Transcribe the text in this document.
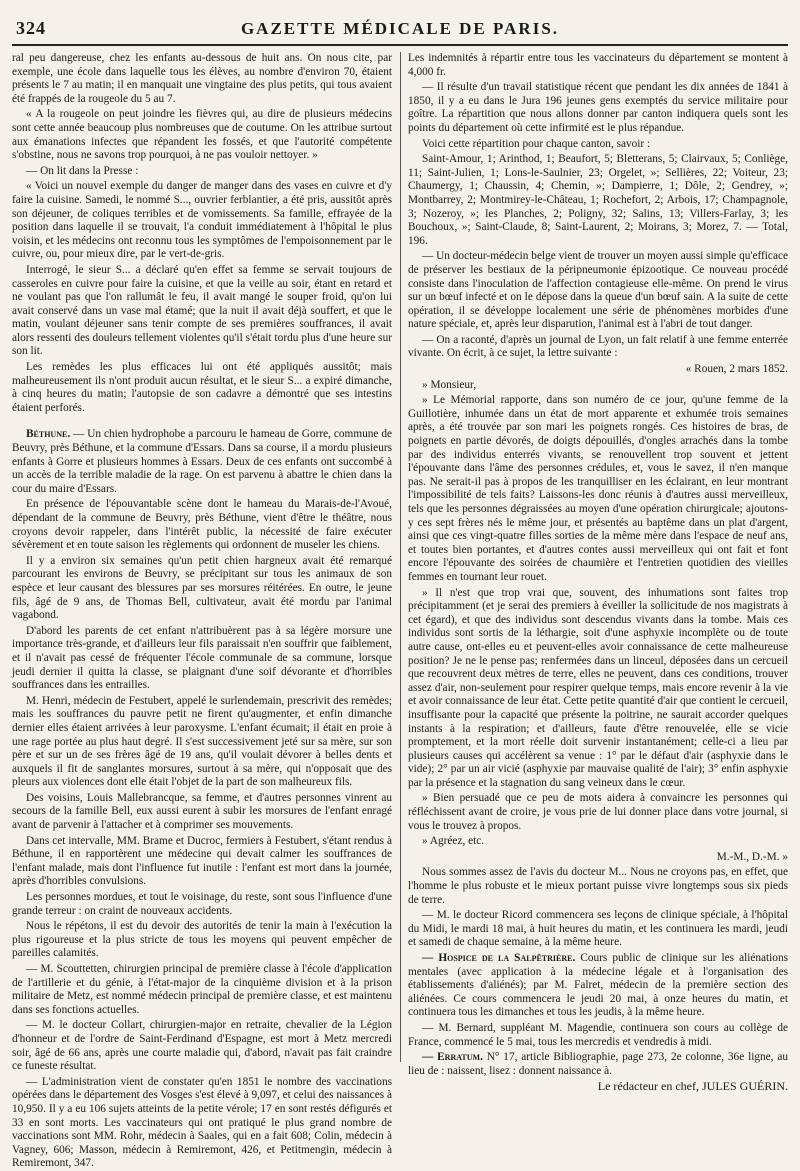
324	GAZETTE MÉDICALE DE PARIS.

ral peu dangereuse, chez les enfants au-dessous de huit ans. On nous cite, par exemple, une école dans laquelle tous les élèves, au nombre d'environ 70, étaient présents le 7 au matin; il en manquait une vingtaine des plus petits, qui tous avaient été frappés de la rougeole du 5 au 7.

« A la rougeole on peut joindre les fièvres qui, au dire de plusieurs médecins sont cette année beaucoup plus nombreuses que de coutume. On les attribue surtout aux émanations infectes que répandent les fossés, et que l'autorité compétente s'obstine, nous ne savons trop pourquoi, à ne pas vouloir nettoyer. »

— On lit dans la Presse :

« Voici un nouvel exemple du danger de manger dans des vases en cuivre et d'y faire la cuisine. Samedi, le nommé S..., ouvrier ferblantier, a été pris, aussitôt après son déjeuner, de coliques terribles et de vomissements. Sa famille, effrayée de la position dans laquelle il se trouvait, l'a conduit immédiatement à l'hôpital le plus voisin, et les médecins ont reconnu tous les symptômes de l'empoisonnement par le cuivre, ou, pour mieux dire, par le vert-de-gris.

Interrogé, le sieur S... a déclaré qu'en effet sa femme se servait toujours de casseroles en cuivre pour faire la cuisine, et que la veille au soir, étant en retard et ne voulant pas que l'on rallumât le feu, il avait mangé le souper froid, qu'on lui avait conservé dans un vase mal étamé; que la nuit il avait déjà souffert, et que le matin, voulant déjeuner sans tenir compte de ses premières souffrances, il avait alors ressenti des douleurs tellement violentes qu'il s'était tordu plus d'une heure sur son lit.

Les remèdes les plus efficaces lui ont été appliqués aussitôt; mais malheureusement ils n'ont produit aucun résultat, et le sieur S... a expiré dimanche, à cinq heures du matin; l'autopsie de son cadavre a démontré que ses intestins étaient perforés.

Béthune. — Un chien hydrophobe a parcouru le hameau de Gorre, commune de Beuvry, près Béthune, et la commune d'Essars. Dans sa course, il a mordu plusieurs enfants à Gorre et plusieurs hommes à Essars. Deux de ces enfants ont succombé à un accès de la terrible maladie de la rage. On est parvenu à abattre le chien dans la cour du maire d'Essars.

En présence de l'épouvantable scène dont le hameau du Marais-de-l'Avoué, dépendant de la commune de Beuvry, près Béthune, vient d'être le théâtre, nous croyons devoir rappeler, dans l'intérêt public, la nécessité de faire exécuter sévèrement et en toute saison les règlements qui ordonnent de museler les chiens.

Il y a environ six semaines qu'un petit chien hargneux avait été remarqué parcourant les environs de Beuvry, se précipitant sur tous les animaux de son espèce et leur causant des blessures par ses morsures réitérées. En outre, le jeune fils, âgé de 9 ans, de Thomas Bell, cultivateur, avait été mordu par l'animal vagabond.

D'abord les parents de cet enfant n'attribuèrent pas à sa légère morsure une importance très-grande, et d'ailleurs leur fils paraissait n'en souffrir que faiblement, et il n'avait pas cessé de fréquenter l'école communale de sa commune, lorsque jeudi dernier il quitta la classe, se plaignant d'une soif dévorante et d'horribles souffrances dans les entrailles.

M. Henri, médecin de Festubert, appelé le surlendemain, prescrivit des remèdes; mais les souffrances du pauvre petit ne firent qu'augmenter, et enfin dimanche dernier elles étaient arrivées à leur paroxysme. L'enfant écumait; il était en proie à une rage portée au plus haut degré. Il s'est successivement jeté sur sa mère, sur son père et sur un de ses frères âgé de 19 ans, qu'il voulait dévorer à belles dents et auxquels il fit de sanglantes morsures, surtout à sa mère, qui n'opposait que des pleurs aux violences dont elle était l'objet de la part de son malheureux fils.

Des voisins, Louis Mallebrancque, sa femme, et d'autres personnes vinrent au secours de la famille Bell, eux aussi eurent à subir les morsures de l'enfant enragé avant de parvenir à l'attacher et à comprimer ses mouvements.

Dans cet intervalle, MM. Brame et Ducroc, fermiers à Festubert, s'étant rendus à Béthune, il en rapportèrent une médecine qui devait calmer les souffrances de l'enfant malade, mais dont l'influence fut inutile : l'enfant est mort dans la journée, après d'horribles convulsions.

Les personnes mordues, et tout le voisinage, du reste, sont sous l'influence d'une grande terreur : on craint de nouveaux accidents.

Nous le répétons, il est du devoir des autorités de tenir la main à l'exécution la plus rigoureuse et la plus stricte de tous les moyens qui peuvent empêcher de pareilles calamités.

— M. Scouttetten, chirurgien principal de première classe à l'école d'application de l'artillerie et du génie, à l'état-major de la cinquième division et à la prison militaire de Metz, est nommé médecin principal de première classe, et est maintenu dans ses fonctions actuelles.

— M. le docteur Collart, chirurgien-major en retraite, chevalier de la Légion d'honneur et de l'ordre de Saint-Ferdinand d'Espagne, est mort à Metz mercredi soir, âgé de 66 ans, après une courte maladie qui, d'abord, n'avait pas fait craindre ce funeste résultat.

— L'administration vient de constater qu'en 1851 le nombre des vaccinations opérées dans le département des Vosges s'est élevé à 9,097, et celui des naissances à 10,950. Il y a eu 106 sujets atteints de la petite vérole; 17 en sont restés défigurés et 33 en sont morts. Les vaccinateurs qui ont pratiqué le plus grand nombre de vaccinations sont MM. Rohr, médecin à Saales, qui en a fait 608; Colin, médecin à Vagney, 606; Masson, médecin à Remiremont, 426, et Petitmengin, médecin à Remiremont, 347.

Les indemnités à répartir entre tous les vaccinateurs du département se montent à 4,000 fr.

— Il résulte d'un travail statistique récent que pendant les dix années de 1841 à 1850, il y a eu dans le Jura 196 jeunes gens exemptés du service militaire pour goître. La répartition que nous allons donner par canton indiquera quels sont les points du département où cette infirmité est le plus répandue.

Voici cette répartition pour chaque canton, savoir :

Saint-Amour, 1; Arinthod, 1; Beaufort, 5; Bletterans, 5; Clairvaux, 5; Conliège, 11; Saint-Julien, 1; Lons-le-Saulnier, 23; Orgelet, »; Sellières, 22; Voiteur, 23; Chaumergy, 1; Chaussin, 4; Chemin, »; Dampierre, 1; Dôle, 2; Gendrey, »; Montbarrey, 2; Montmirey-le-Château, 1; Rochefort, 2; Arbois, 17; Champagnole, 3; Nozeroy, »; les Planches, 2; Poligny, 32; Salins, 13; Villers-Farlay, 3; les Bouchoux, »; Saint-Claude, 8; Saint-Laurent, 2; Moirans, 3; Morez, 7. — Total, 196.

— Un docteur-médecin belge vient de trouver un moyen aussi simple qu'efficace de préserver les bestiaux de la péripneumonie épizootique. Ce nouveau procédé consiste dans l'inoculation de l'affection contagieuse elle-même. On prend le virus sur un bœuf infecté et on le dépose dans la queue d'un bœuf sain. A la suite de cette opération, il se développe localement une série de phénomènes morbides d'une nature spéciale, et, après leur disparution, l'animal est à l'abri de tout danger.

— On a raconté, d'après un journal de Lyon, un fait relatif à une femme enterrée vivante. On écrit, à ce sujet, la lettre suivante :

« Rouen, 2 mars 1852.

» Monsieur,

» Le Mémorial rapporte, dans son numéro de ce jour, qu'une femme de la Guillotière, inhumée dans un état de mort apparente et exhumée trois semaines après, a été trouvée par son mari les poignets rongés. Ces histoires de bras, de poignets en partie dévorés, de doigts dépouillés, d'ongles arrachés dans la tombe par des individus enterrés vivants, se renouvellent trop souvent et jettent l'épouvante dans l'âme des personnes crédules, et, vous le savez, il n'en manque pas. Ne serait-il pas à propos de les tranquilliser en les éclairant, en leur montrant l'impossibilité de tels faits? Laissons-les donc réunis à d'autres aussi merveilleux, tels que les personnes dégraissées au moyen d'une opération chirurgicale; ajoutons-y ces sept frères nés le même jour, et présentés au baptême dans un plat d'argent, ainsi que ces vingt-quatre filles sorties de la même mère dans l'espace de neuf ans, et toutes bien portantes, et d'autres contes aussi merveilleux qui ont fait et font encore l'épouvante des soirées de chaumière et l'entretien quotidien des vieilles femmes en tournant leur rouet.

» Il n'est que trop vrai que, souvent, des inhumations sont faites trop précipitamment (et je serai des premiers à éveiller la sollicitude de nos magistrats à cet égard), et que des individus sont descendus vivants dans la tombe. Mais ces individus sont sortis de la léthargie, soit d'une asphyxie incomplète ou de toute autre cause, ont-elles eu et peuvent-elles avoir connaissance de cette malheureuse position? Je ne le pense pas; renfermées dans un linceul, déposées dans un cercueil que recouvrent deux mètres de terre, elles ne peuvent, dans ces conditions, trouver assez d'air, non-seulement pour respirer quelque temps, mais encore revenir à la vie et avoir connaissance de leur état. Cette petite quantité d'air que contient le cercueil, insuffisante pour la capacité que présente la poitrine, ne saurait accorder quelques instants à la respiration; et d'ailleurs, faute d'être renouvelée, elle se vicie promptement, et la mort réelle doit survenir instantanément; celle-ci a lieu par plusieurs causes qui accélèrent sa venue : 1° par le défaut d'air (asphyxie dans le vide); 2° par un air vicié (asphyxie par mauvaise qualité de l'air); 3° enfin asphyxie par la présence et la stagnation du sang veineux dans le cœur.

» Bien persuadé que ce peu de mots aidera à convaincre les personnes qui réfléchissent avant de croire, je vous prie de lui donner place dans votre journal, si vous le trouvez à propos.

» Agréez, etc.

M.-M., D.-M. »

Nous sommes assez de l'avis du docteur M... Nous ne croyons pas, en effet, que l'homme le plus robuste et le mieux portant puisse vivre longtemps sous six pieds de terre.

— M. le docteur Ricord commencera ses leçons de clinique spéciale, à l'hôpital du Midi, le mardi 18 mai, à huit heures du matin, et les continuera les mardi, jeudi et samedi de chaque semaine, à la même heure.

— Hospice de la Salpêtrière. Cours public de clinique sur les aliénations mentales (avec application à la médecine légale et à l'organisation des établissements d'aliénés); par M. Falret, médecin de la première section des aliénées. Ce cours commencera le jeudi 20 mai, à onze heures du matin, et continuera tous les dimanches et tous les jeudis, à la même heure.

— M. Bernard, suppléant M. Magendie, continuera son cours au collège de France, commencé le 5 mai, tous les mercredis et vendredis à midi.

— Erratum. N° 17, article Bibliographie, page 273, 2e colonne, 36e ligne, au lieu de : naissent, lisez : donnent naissance à.

Le rédacteur en chef, JULES GUÉRIN.
